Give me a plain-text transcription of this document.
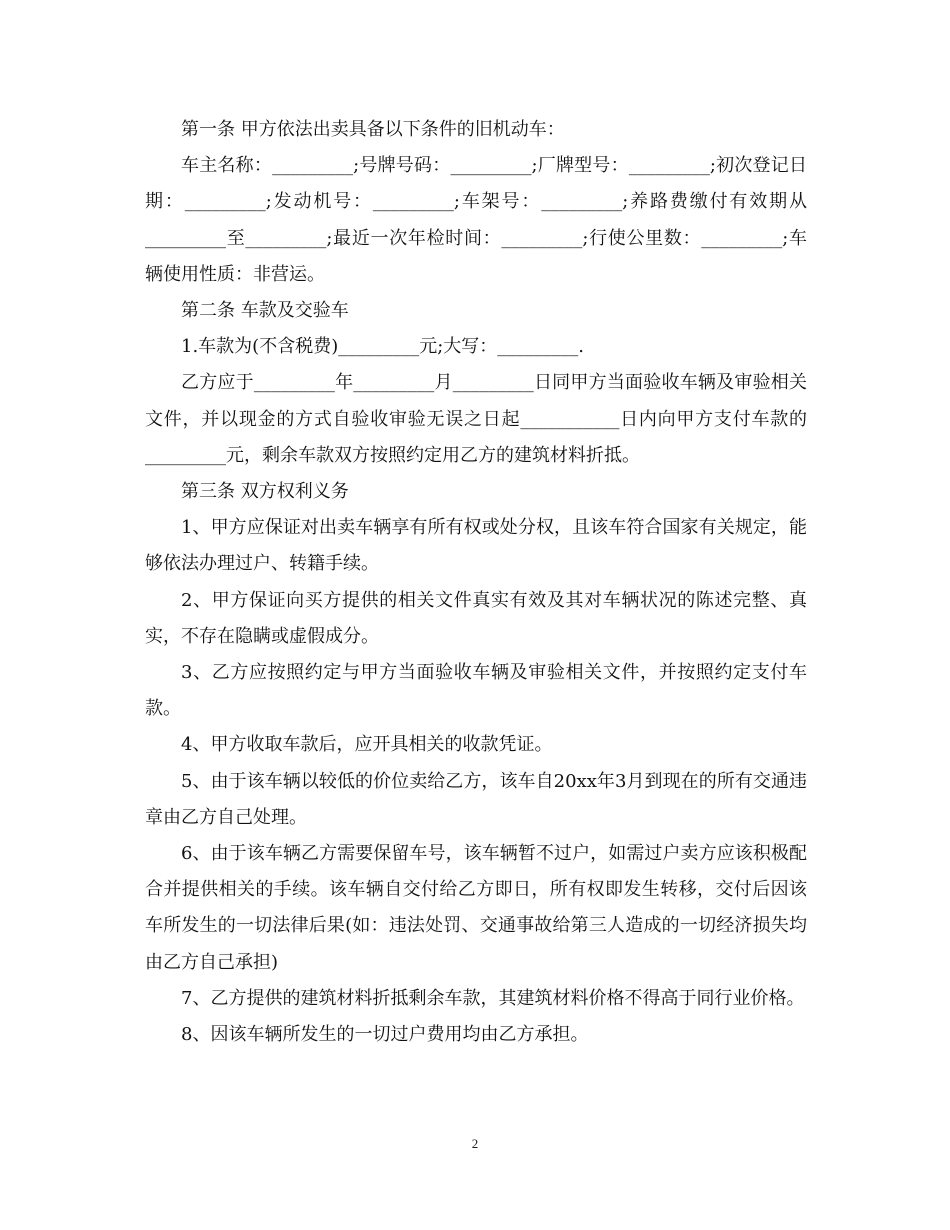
第一条 甲方依法出卖具备以下条件的旧机动车：

车主名称：_________;号牌号码：_________;厂牌型号：_________;初次登记日期：_________;发动机号：_________;车架号：_________;养路费缴付有效期从_________至_________;最近一次年检时间：_________;行使公里数：_________;车辆使用性质：非营运。

第二条 车款及交验车

1.车款为(不含税费)_________元;大写：_________.

乙方应于_________年_________月_________日同甲方当面验收车辆及审验相关文件，并以现金的方式自验收审验无误之日起___________日内向甲方支付车款的_________元，剩余车款双方按照约定用乙方的建筑材料折抵。

第三条 双方权利义务

1、甲方应保证对出卖车辆享有所有权或处分权，且该车符合国家有关规定，能够依法办理过户、转籍手续。

2、甲方保证向买方提供的相关文件真实有效及其对车辆状况的陈述完整、真实，不存在隐瞒或虚假成分。

3、乙方应按照约定与甲方当面验收车辆及审验相关文件，并按照约定支付车款。

4、甲方收取车款后，应开具相关的收款凭证。

5、由于该车辆以较低的价位卖给乙方，该车自20xx年3月到现在的所有交通违章由乙方自己处理。

6、由于该车辆乙方需要保留车号，该车辆暂不过户，如需过户卖方应该积极配合并提供相关的手续。该车辆自交付给乙方即日，所有权即发生转移，交付后因该车所发生的一切法律后果(如：违法处罚、交通事故给第三人造成的一切经济损失均由乙方自己承担)

7、乙方提供的建筑材料折抵剩余车款，其建筑材料价格不得高于同行业价格。

8、因该车辆所发生的一切过户费用均由乙方承担。

2
